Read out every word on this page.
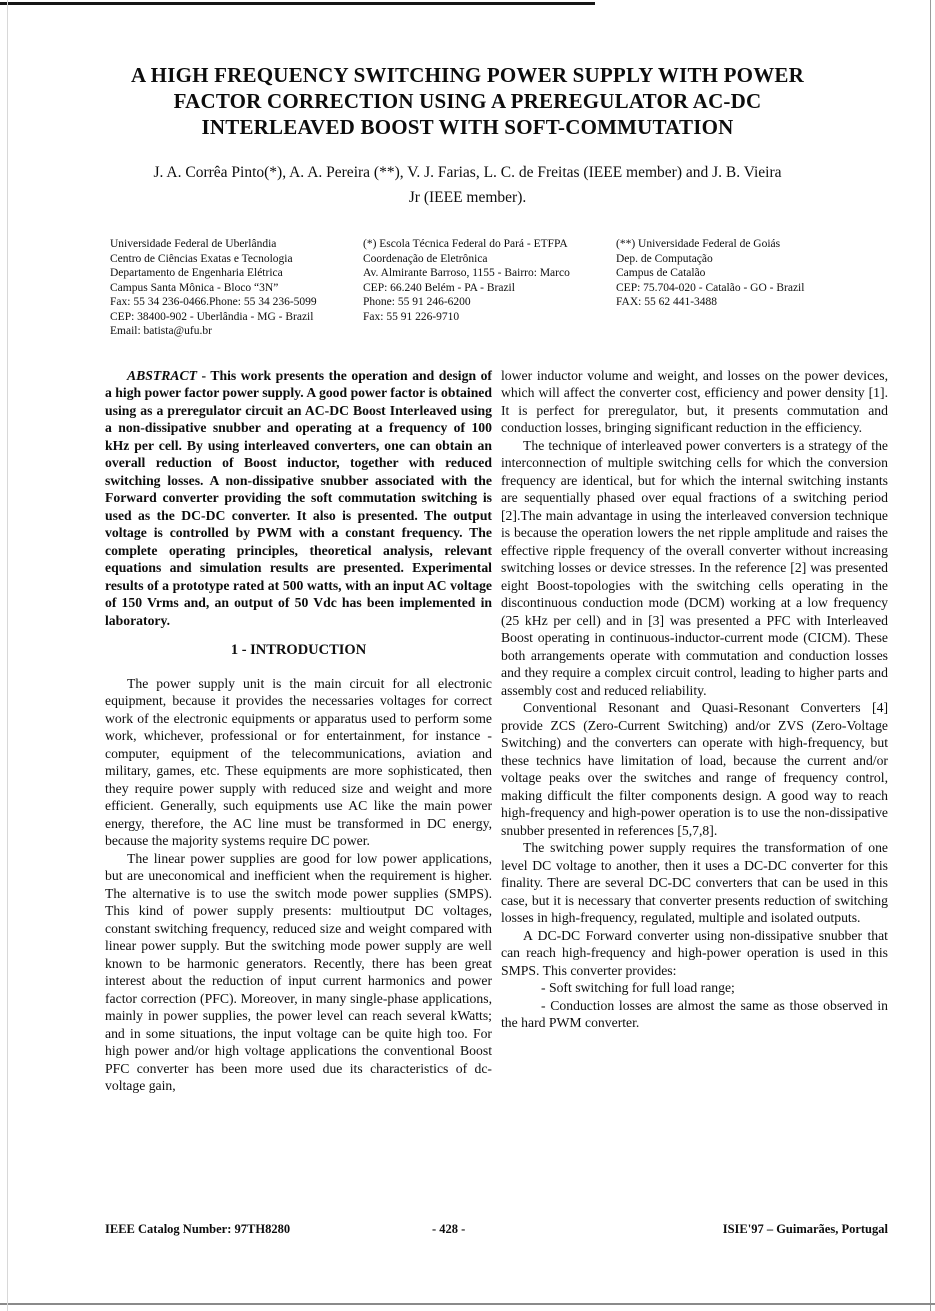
A HIGH FREQUENCY SWITCHING POWER SUPPLY WITH POWER
FACTOR CORRECTION USING A PREREGULATOR AC-DC
INTERLEAVED BOOST WITH SOFT-COMMUTATION
J. A. Corrêa Pinto(*), A. A. Pereira (**), V. J. Farias, L. C. de Freitas (IEEE member) and J. B. Vieira
Jr (IEEE member).
Universidade Federal de Uberlândia
Centro de Ciências Exatas e Tecnologia
Departamento de Engenharia Elétrica
Campus Santa Mônica - Bloco “3N”
Fax: 55 34 236-0466.Phone: 55 34 236-5099
CEP: 38400-902 - Uberlândia - MG - Brazil
Email: batista@ufu.br
(*) Escola Técnica Federal do Pará - ETFPA
Coordenação de Eletrônica
Av. Almirante Barroso, 1155 - Bairro: Marco
CEP: 66.240 Belém - PA - Brazil
Phone: 55 91 246-6200
Fax: 55 91 226-9710
(**) Universidade Federal de Goiás
Dep. de Computação
Campus de Catalão
CEP: 75.704-020 - Catalão - GO - Brazil
FAX: 55 62 441-3488

ABSTRACT - This work presents the operation and design of a high power factor power supply. A good power factor is obtained using as a preregulator circuit an AC-DC Boost Interleaved using a non-dissipative snubber and operating at a frequency of 100 kHz per cell. By using interleaved converters, one can obtain an overall reduction of Boost inductor, together with reduced switching losses. A non-dissipative snubber associated with the Forward converter providing the soft commutation switching is used as the DC-DC converter. It also is presented. The output voltage is controlled by PWM with a constant frequency. The complete operating principles, theoretical analysis, relevant equations and simulation results are presented. Experimental results of a prototype rated at 500 watts, with an input AC voltage of 150 Vrms and, an output of 50 Vdc has been implemented in laboratory.

1 - INTRODUCTION

The power supply unit is the main circuit for all electronic equipment, because it provides the necessaries voltages for correct work of the electronic equipments or apparatus used to perform some work, whichever, professional or for entertainment, for instance - computer, equipment of the telecommunications, aviation and military, games, etc. These equipments are more sophisticated, then they require power supply with reduced size and weight and more efficient. Generally, such equipments use AC like the main power energy, therefore, the AC line must be transformed in DC energy, because the majority systems require DC power.

The linear power supplies are good for low power applications, but are uneconomical and inefficient when the requirement is higher. The alternative is to use the switch mode power supplies (SMPS). This kind of power supply presents: multioutput DC voltages, constant switching frequency, reduced size and weight compared with linear power supply. But the switching mode power supply are well known to be harmonic generators. Recently, there has been great interest about the reduction of input current harmonics and power factor correction (PFC). Moreover, in many single-phase applications, mainly in power supplies, the power level can reach several kWatts; and in some situations, the input voltage can be quite high too. For high power and/or high voltage applications the conventional Boost PFC converter has been more used due its characteristics of dc-voltage gain,

lower inductor volume and weight, and losses on the power devices, which will affect the converter cost, efficiency and power density [1]. It is perfect for preregulator, but, it presents commutation and conduction losses, bringing significant reduction in the efficiency.

The technique of interleaved power converters is a strategy of the interconnection of multiple switching cells for which the conversion frequency are identical, but for which the internal switching instants are sequentially phased over equal fractions of a switching period [2].The main advantage in using the interleaved conversion technique is because the operation lowers the net ripple amplitude and raises the effective ripple frequency of the overall converter without increasing switching losses or device stresses. In the reference [2] was presented eight Boost-topologies with the switching cells operating in the discontinuous conduction mode (DCM) working at a low frequency (25 kHz per cell) and in [3] was presented a PFC with Interleaved Boost operating in continuous-inductor-current mode (CICM). These both arrangements operate with commutation and conduction losses and they require a complex circuit control, leading to higher parts and assembly cost and reduced reliability.

Conventional Resonant and Quasi-Resonant Converters [4] provide ZCS (Zero-Current Switching) and/or ZVS (Zero-Voltage Switching) and the converters can operate with high-frequency, but these technics have limitation of load, because the current and/or voltage peaks over the switches and range of frequency control, making difficult the filter components design. A good way to reach high-frequency and high-power operation is to use the non-dissipative snubber presented in references [5,7,8].

The switching power supply requires the transformation of one level DC voltage to another, then it uses a DC-DC converter for this finality. There are several DC-DC converters that can be used in this case, but it is necessary that converter presents reduction of switching losses in high-frequency, regulated, multiple and isolated outputs.

A DC-DC Forward converter using non-dissipative snubber that can reach high-frequency and high-power operation is used in this SMPS. This converter provides:

- Soft switching for full load range;

- Conduction losses are almost the same as those observed in the hard PWM converter.

IEEE Catalog Number: 97TH8280	- 428 -	ISIE'97 – Guimarães, Portugal
